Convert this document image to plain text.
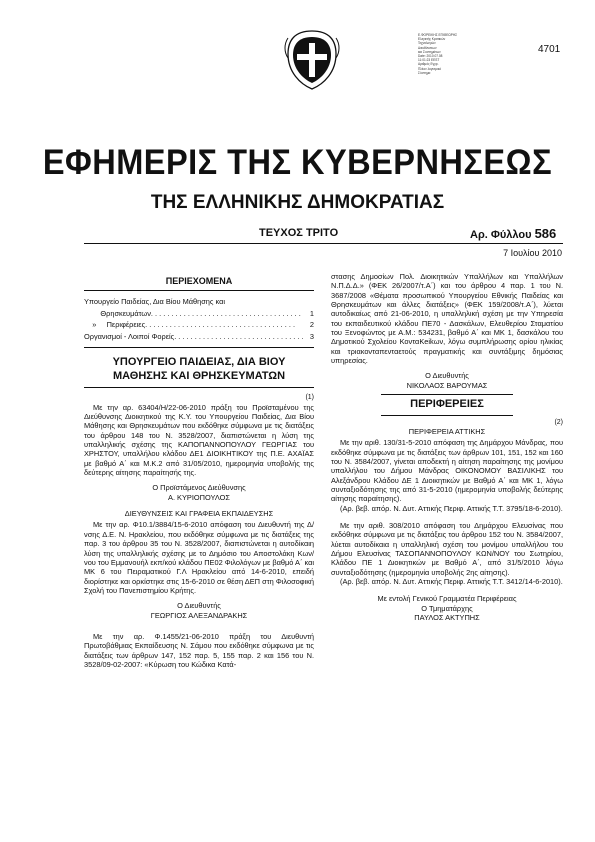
Ε.ΦΟΡΕΙΚΗΣ ΕΠΙΘΕΩΡΗΣ
Ελεγκτής Κρατικών
Τεχνολογιών
Διευθύνσεων
και Συστημάτων
Date: 2010.07.08
11:01:23 EEST
Αριθμός Εγγρ.
Πλέον λογισμικό
Σύστημα
4701
ΕΦΗΜΕΡΙΣ ΤΗΣ ΚΥΒΕΡΝΗΣΕΩΣ
ΤΗΣ ΕΛΛΗΝΙΚΗΣ ΔΗΜΟΚΡΑΤΙΑΣ
ΤΕΥΧΟΣ ΤΡΙΤΟ	Αρ. Φύλλου 586
7 Ιουλίου 2010
ΠΕΡΙΕΧΟΜΕΝΑ
Υπουργείο Παιδείας, Δια Βίου Μάθησης και
Θρησκευμάτων . . . . . . . . . . . . . . . . . . . . . . . . . . . . . . . . . . . . .	1
»     Περιφέρειες . . . . . . . . . . . . . . . . . . . . . . . . . . . . . . . . . . . . .	2
Οργανισμοί - Λοιποί Φορείς . . . . . . . . . . . . . . . . . . . . . . . . . . . . . . . . 3
ΥΠΟΥΡΓΕΙΟ ΠΑΙΔΕΙΑΣ, ΔΙΑ ΒΙΟΥ ΜΑΘΗΣΗΣ ΚΑΙ ΘΡΗΣΚΕΥΜΑΤΩΝ
(1)

Με την αρ. 63404/Η/22-06-2010 πράξη του Προϊσταμένου της Διεύθυνσης Διοικητικού της Κ.Υ. του Υπουργείου Παιδείας, Δια Βίου Μάθησης και Θρησκευμάτων που εκδόθηκε σύμφωνα με τις διατάξεις του άρθρου 148 του Ν. 3528/2007, διαπιστώνεται η λύση της υπαλληλικής σχέσης της ΚΑΠΟΠΑΝΝΟΠΟΥΛΟΥ ΓΕΩΡΓΙΑΣ του ΧΡΗΣΤΟΥ, υπαλλήλου κλάδου ΔΕ1 ΔΙΟΙΚΗΤΙΚΟΥ της Π.Ε. ΑΧΑΪΑΣ με βαθμό Α΄ και Μ.Κ.2 από 31/05/2010, ημερομηνία υποβολής της δεύτερης αίτησης παραίτησής της.

Ο Προϊστάμενος Διεύθυνσης
Α. ΚΥΡΙΟΠΟΥΛΟΣ
ΔΙΕΥΘΥΝΣΕΙΣ ΚΑΙ ΓΡΑΦΕΙΑ ΕΚΠΑΙΔΕΥΣΗΣ

Με την αρ. Φ10.1/3884/15-6-2010 απόφαση του Διευθυντή της Δ/νσης Δ.Ε. Ν. Ηρακλείου, που εκδόθηκε σύμφωνα με τις διατάξεις της παρ. 3 του άρθρου 35 του Ν. 3528/2007, διαπιστώνεται η αυτοδίκαιη λύση της υπαλληλικής σχέσης με το Δημόσιο του Αποστολάκη Κων/νου του Εμμανουήλ εκπ/κού κλάδου ΠΕ02 Φιλολόγων με βαθμό Α΄ και ΜΚ 6 του Πειραματικού Γ.Λ Ηρακλείου από 14-6-2010, επειδή διορίστηκε και ορκίστηκε στις 15-6-2010 σε θέση ΔΕΠ στη Φιλοσοφική Σχολή του Πανεπιστημίου Κρήτης.

Ο Διευθυντής
ΓΕΩΡΓΙΟΣ ΑΛΕΞΑΝΔΡΑΚΗΣ

Με την αρ. Φ.1455/21-06-2010 πράξη του Διευθυντή Πρωτοβάθμιας Εκπαίδευσης Ν. Σάμου που εκδόθηκε σύμφωνα με τις διατάξεις των άρθρων 147, 152 παρ. 5, 155 παρ. 2 και 156 του Ν. 3528/09-02-2007: «Κύρωση του Κώδικα Κατά-

στασης Δημοσίων Πολ. Διοικητικών Υπαλλήλων και Υπαλλήλων Ν.Π.Δ.Δ.» (ΦΕΚ 26/2007/τ.Α΄) και του άρθρου 4 παρ. 1 του Ν. 3687/2008 «Θέματα προσωπικού Υπουργείου Εθνικής Παιδείας και Θρησκευμάτων και άλλες διατάξεις» (ΦΕΚ 159/2008/τ.Α΄), λύεται αυτοδικαίως από 21-06-2010, η υπαλληλική σχέση με την Υπηρεσία του εκπαιδευτικού κλάδου ΠΕ70 - Δασκάλων, Ελευθερίου Σταματίου του Ξενοφώντος με Α.Μ.: 534231, βαθμό Α΄ και ΜΚ 1, δασκάλου του Δημοτικού Σχολείου ΚονταKeikων, λόγω συμπλήρωσης ορίου ηλικίας και τριακονταπενταετούς πραγματικής και συντάξιμης δημόσιας υπηρεσίας.

Ο Διευθυντής
ΝΙΚΟΛΑΟΣ ΒΑΡΟΥΜΑΣ
ΠΕΡΙΦΕΡΕΙΕΣ
(2)
ΠΕΡΙΦΕΡΕΙΑ ΑΤΤΙΚΗΣ

Με την αριθ. 130/31-5-2010 απόφαση της Δημάρχου Μάνδρας, που εκδόθηκε σύμφωνα με τις διατάξεις των άρθρων 101, 151, 152 και 160 του Ν. 3584/2007, γίνεται αποδεκτή η αίτηση παραίτησης της μονίμου υπαλλήλου του Δήμου Μάνδρας ΟΙΚΟΝΟΜΟΥ ΒΑΣΙΛΙΚΗΣ του Αλεξάνδρου Κλάδου ΔΕ 1 Διοικητικών με Βαθμό Α΄ και ΜΚ 1, λόγω συνταξιοδότησης της από 31-5-2010 (ημερομηνία υποβολής δεύτερης αίτησης παραίτησης).

(Αρ. βεβ. απόρ. Ν. Δυτ. Αττικής Περιφ. Αττικής Τ.Τ. 3795/18-6-2010).

Με την αριθ. 308/2010 απόφαση του Δημάρχου Ελευσίνας που εκδόθηκε σύμφωνα με τις διατάξεις του άρθρου 152 του Ν. 3584/2007, λύεται αυτοδίκαια η υπαλληλική σχέση του μονίμου υπαλλήλου του Δήμου Ελευσίνας ΤΑΣΟΠΑΝΝΟΠΟΥΛΟΥ ΚΩΝ/ΝΟΥ του Σωτηρίου, Κλάδου ΠΕ 1 Διοικητικών με Βαθμό Α΄, από 31/5/2010 λόγω συνταξιοδότησης (ημερομηνία υποβολής 2ης αίτησης).

(Αρ. βεβ. απόρ. Ν. Δυτ. Αττικής Περιφ. Αττικής Τ.Τ. 3412/14-6-2010).

Με εντολή Γενικού Γραμματέα Περιφέρειας
Ο Τμηματάρχης
ΠΑΥΛΟΣ ΑΚΤΥΠΗΣ
